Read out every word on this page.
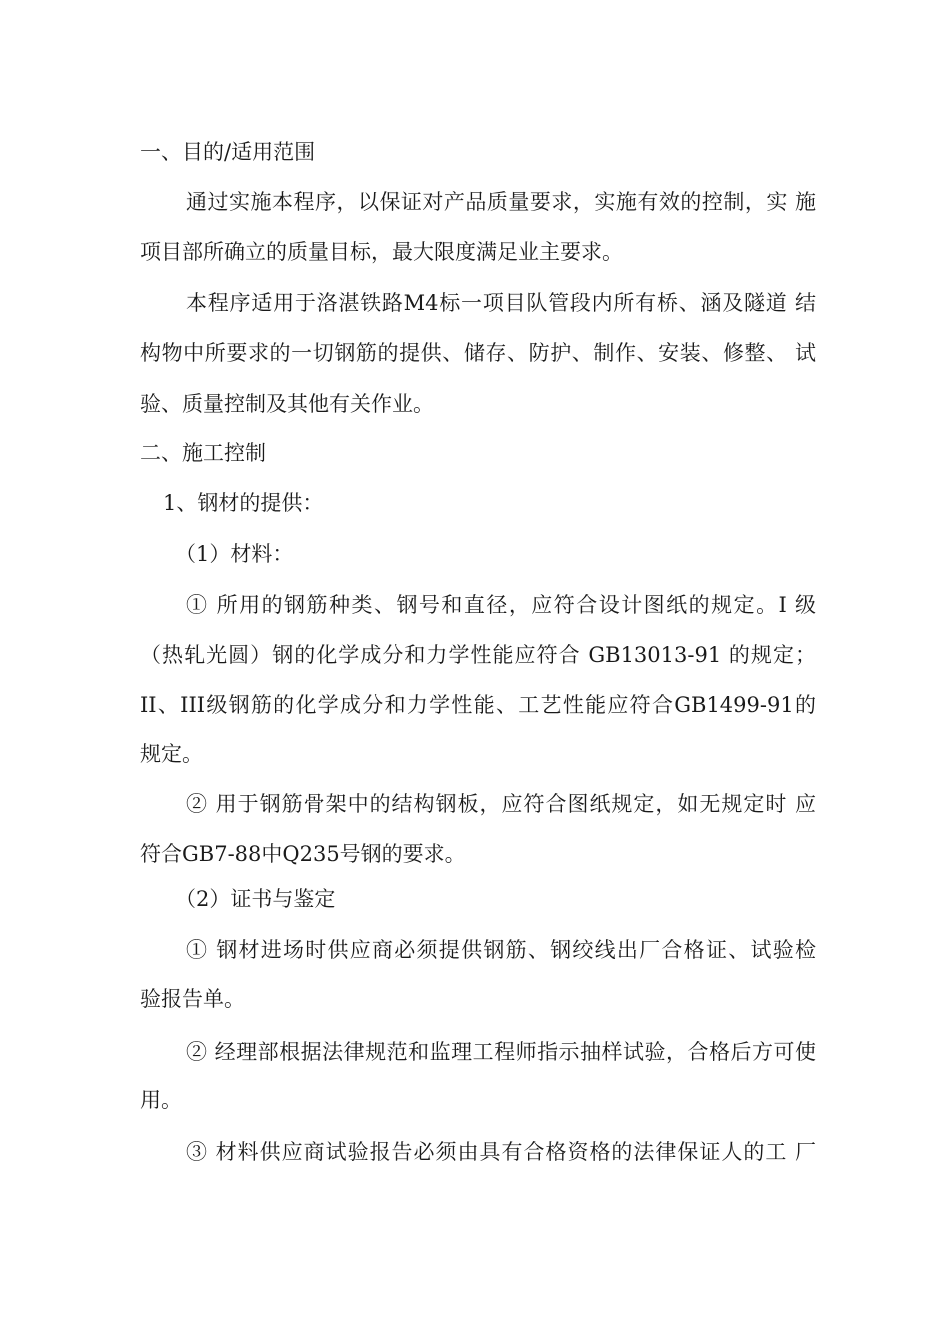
一、目的/适用范围
通过实施本程序，以保证对产品质量要求，实施有效的控制，实 施
项目部所确立的质量目标，最大限度满足业主要求。
本程序适用于洛湛铁路M4标一项目队管段内所有桥、涵及隧道 结
构物中所要求的一切钢筋的提供、储存、防护、制作、安装、修整、 试
验、质量控制及其他有关作业。
二、施工控制
1、钢材的提供：
（1）材料：
① 所用的钢筋种类、钢号和直径，应符合设计图纸的规定。I 级
（热轧光圆）钢的化学成分和力学性能应符合 GB13013-91 的规定；
II、III级钢筋的化学成分和力学性能、工艺性能应符合GB1499-91的
规定。
② 用于钢筋骨架中的结构钢板，应符合图纸规定，如无规定时 应
符合GB7-88中Q235号钢的要求。
（2）证书与鉴定
① 钢材进场时供应商必须提供钢筋、钢绞线出厂合格证、试验检
验报告单。
② 经理部根据法律规范和监理工程师指示抽样试验，合格后方可使
用。
③ 材料供应商试验报告必须由具有合格资格的法律保证人的工 厂
